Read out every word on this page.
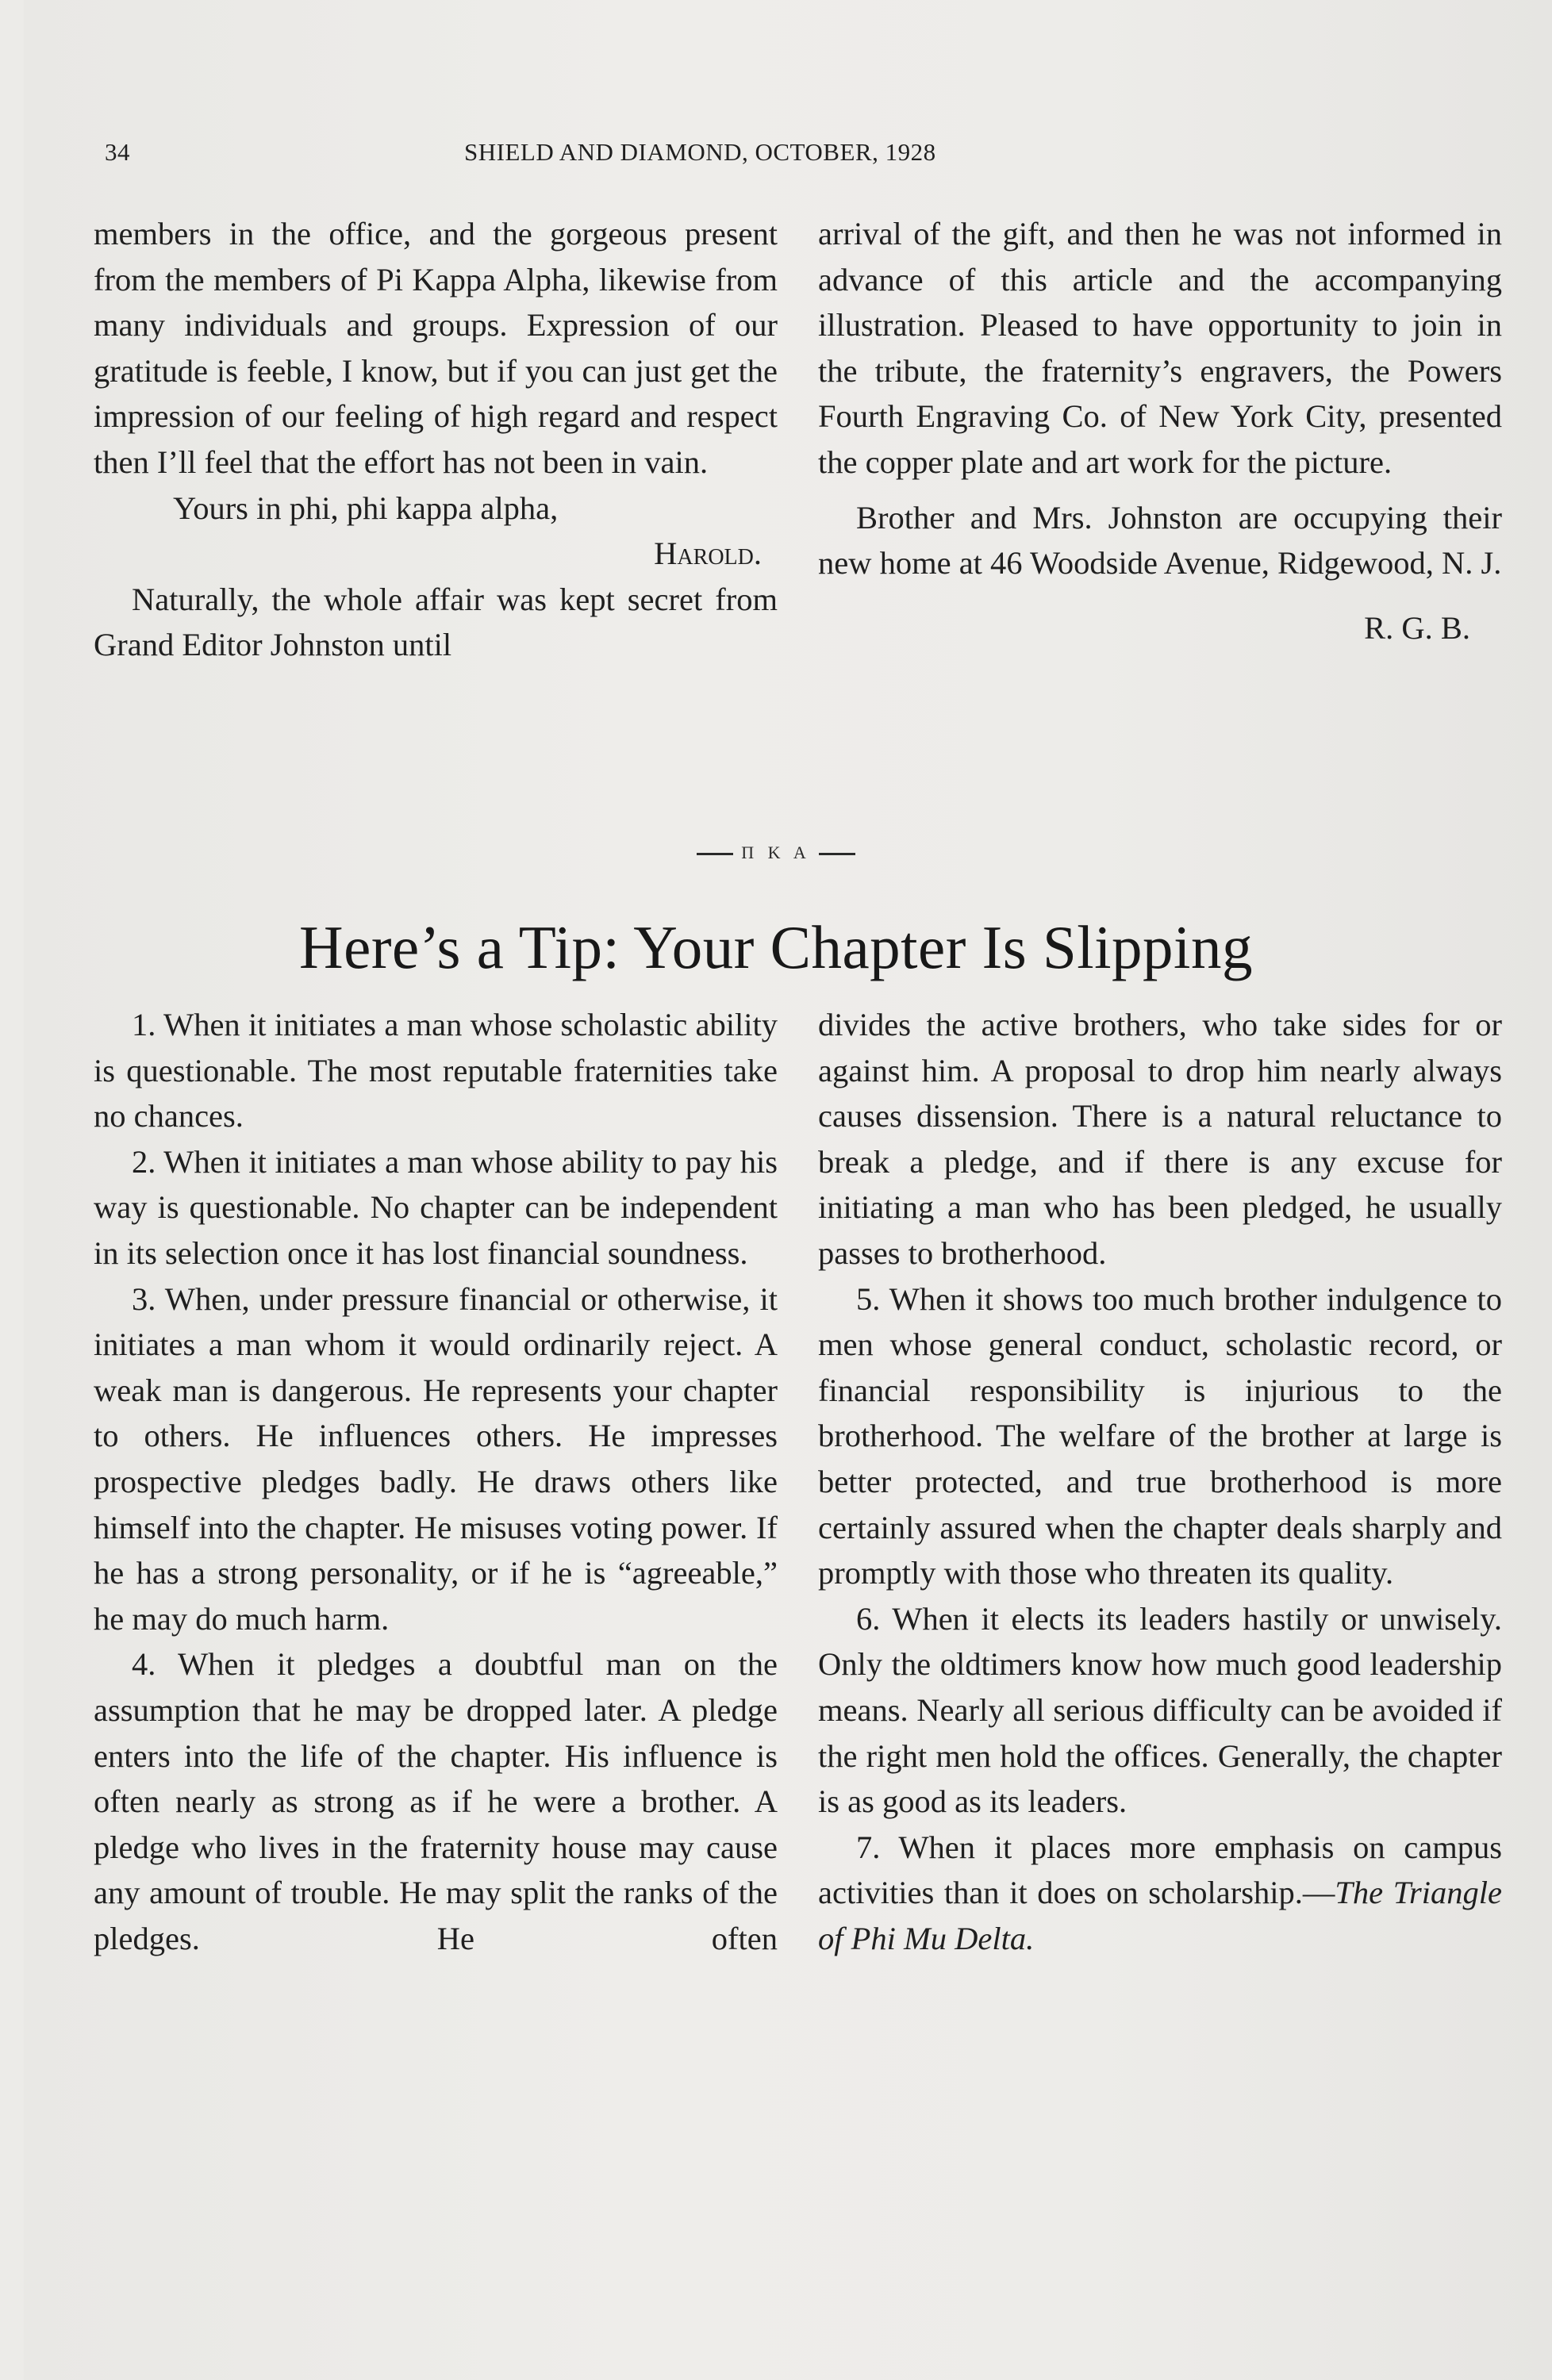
34	SHIELD AND DIAMOND, OCTOBER, 1928

members in the office, and the gorgeous present from the members of Pi Kappa Alpha, likewise from many individuals and groups. Expression of our gratitude is feeble, I know, but if you can just get the impression of our feeling of high regard and respect then I’ll feel that the effort has not been in vain.

Yours in phi, phi kappa alpha,

Harold.

Naturally, the whole affair was kept secret from Grand Editor Johnston until

arrival of the gift, and then he was not informed in advance of this article and the accompanying illustration. Pleased to have opportunity to join in the tribute, the fraternity’s engravers, the Powers Fourth Engraving Co. of New York City, presented the copper plate and art work for the picture.

Brother and Mrs. Johnston are occupying their new home at 46 Woodside Avenue, Ridgewood, N. J.

R. G. B.

Π K A
Here’s a Tip: Your Chapter Is Slipping

1. When it initiates a man whose scholastic ability is questionable. The most reputable fraternities take no chances.

2. When it initiates a man whose ability to pay his way is questionable. No chapter can be independent in its selection once it has lost financial soundness.

3. When, under pressure financial or otherwise, it initiates a man whom it would ordinarily reject. A weak man is dangerous. He represents your chapter to others. He influences others. He impresses prospective pledges badly. He draws others like himself into the chapter. He misuses voting power. If he has a strong personality, or if he is “agreeable,” he may do much harm.

4. When it pledges a doubtful man on the assumption that he may be dropped later. A pledge enters into the life of the chapter. His influence is often nearly as strong as if he were a brother. A pledge who lives in the fraternity house may cause any amount of trouble. He may split the ranks of the pledges. He often

divides the active brothers, who take sides for or against him. A proposal to drop him nearly always causes dissension. There is a natural reluctance to break a pledge, and if there is any excuse for initiating a man who has been pledged, he usually passes to brotherhood.

5. When it shows too much brother indulgence to men whose general conduct, scholastic record, or financial responsibility is injurious to the brotherhood. The welfare of the brother at large is better protected, and true brotherhood is more certainly assured when the chapter deals sharply and promptly with those who threaten its quality.

6. When it elects its leaders hastily or unwisely. Only the oldtimers know how much good leadership means. Nearly all serious difficulty can be avoided if the right men hold the offices. Generally, the chapter is as good as its leaders.

7. When it places more emphasis on campus activities than it does on scholarship.—The Triangle of Phi Mu Delta.
